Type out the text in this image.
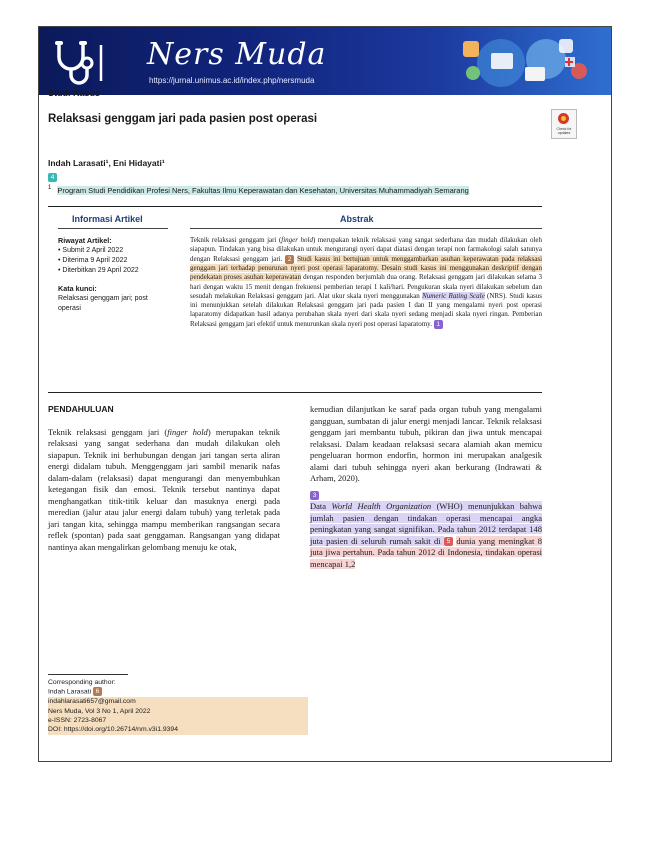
Ners Muda
https://jurnal.unimus.ac.id/index.php/nersmuda
Check for updates
Studi Kasus
Relaksasi genggam jari pada pasien post operasi
Indah Larasati¹, Eni Hidayati¹
4
$^1$ Program Studi Pendidikan Profesi Ners, Fakultas Ilmu Keperawatan dan Kesehatan, Universitas Muhammadiyah Semarang
Informasi Artikel	Abstrak
Riwayat Artikel:
• Submit 2 April 2022
• Diterima 9 April 2022
• Diterbitkan 29 April 2022
Kata kunci:
Relaksasi genggam jari; post operasi
Teknik relaksasi genggam jari (finger hold) merupakan teknik relaksasi yang sangat sederhana dan mudah dilakukan oleh siapapun. Tindakan yang bisa dilakukan untuk mengurangi nyeri dapat diatasi dengan terapi non farmakologi salah satunya dengan Relaksasi genggam jari. 2 Studi kasus ini bertujuan untuk menggambarkan asuhan keperawatan pada relaksasi genggam jari terhadap penurunan nyeri post operasi laparatomy. Desain studi kasus ini menggunakan deskriptif dengan pendekatan proses asuhan keperawatan dengan responden berjumlah dua orang. Relaksasi genggam jari dilakukan selama 3 hari dengan waktu 15 menit dengan frekuensi pemberian terapi 1 kali/hari. Pengukuran skala nyeri dilakukan sebelum dan sesudah melakukan Relaksasi genggam jari. Alat ukur skala nyeri menggunakan Numeric Rating Scale (NRS). Studi kasus ini menunjukkan setelah dilakukan Relaksasi genggam jari pada pasien I dan II yang mengalami nyeri post operasi laparatomy didapatkan hasil adanya perubahan skala nyeri dari skala nyeri sedang menjadi skala nyeri ringan. Pemberian Relaksasi genggam jari efektif untuk menurunkan skala nyeri post operasi laparatomy. 1
PENDAHULUAN
Teknik relaksasi genggam jari (finger hold) merupakan teknik relaksasi yang sangat sederhana dan mudah dilakukan oleh siapapun. Teknik ini berhubungan dengan jari tangan serta aliran energi didalam tubuh. Menggenggam jari sambil menarik nafas dalam-dalam (relaksasi) dapat mengurangi dan menyembuhkan ketegangan fisik dan emosi. Teknik tersebut nantinya dapat menghangatkan titik-titik keluar dan masuknya energi pada meredian (jalur atau jalur energi dalam tubuh) yang terletak pada jari tangan kita, sehingga mampu memberikan rangsangan secara reflek (spontan) pada saat genggaman. Rangsangan yang didapat nantinya akan mengalirkan gelombang menuju ke otak,

kemudian dilanjutkan ke saraf pada organ tubuh yang mengalami gangguan, sumbatan di jalur energi menjadi lancar. Teknik relaksasi genggam jari membantu tubuh, pikiran dan jiwa untuk mencapai relaksasi. Dalam keadaan relaksasi secara alamiah akan memicu pengeluaran hormon endorfin, hormon ini merupakan analgesik alami dari tubuh sehingga nyeri akan berkurang (Indrawati & Arham, 2020).

3

Data World Health Organization (WHO) menunjukkan bahwa jumlah pasien dengan tindakan operasi mencapai angka peningkatan yang sangat signifikan. Pada tahun 2012 terdapat 148 juta pasien di seluruh rumah sakit di 5 dunia yang meningkat 8 juta jiwa pertahun. Pada tahun 2012 di Indonesia, tindakan operasi mencapai 1,2

Corresponding author:
Indah Larasati 6
indahlarasati657@gmail.com
Ners Muda, Vol 3 No 1, April 2022
e-ISSN: 2723-8067
DOI: https://doi.org/10.26714/nm.v3i1.9394
